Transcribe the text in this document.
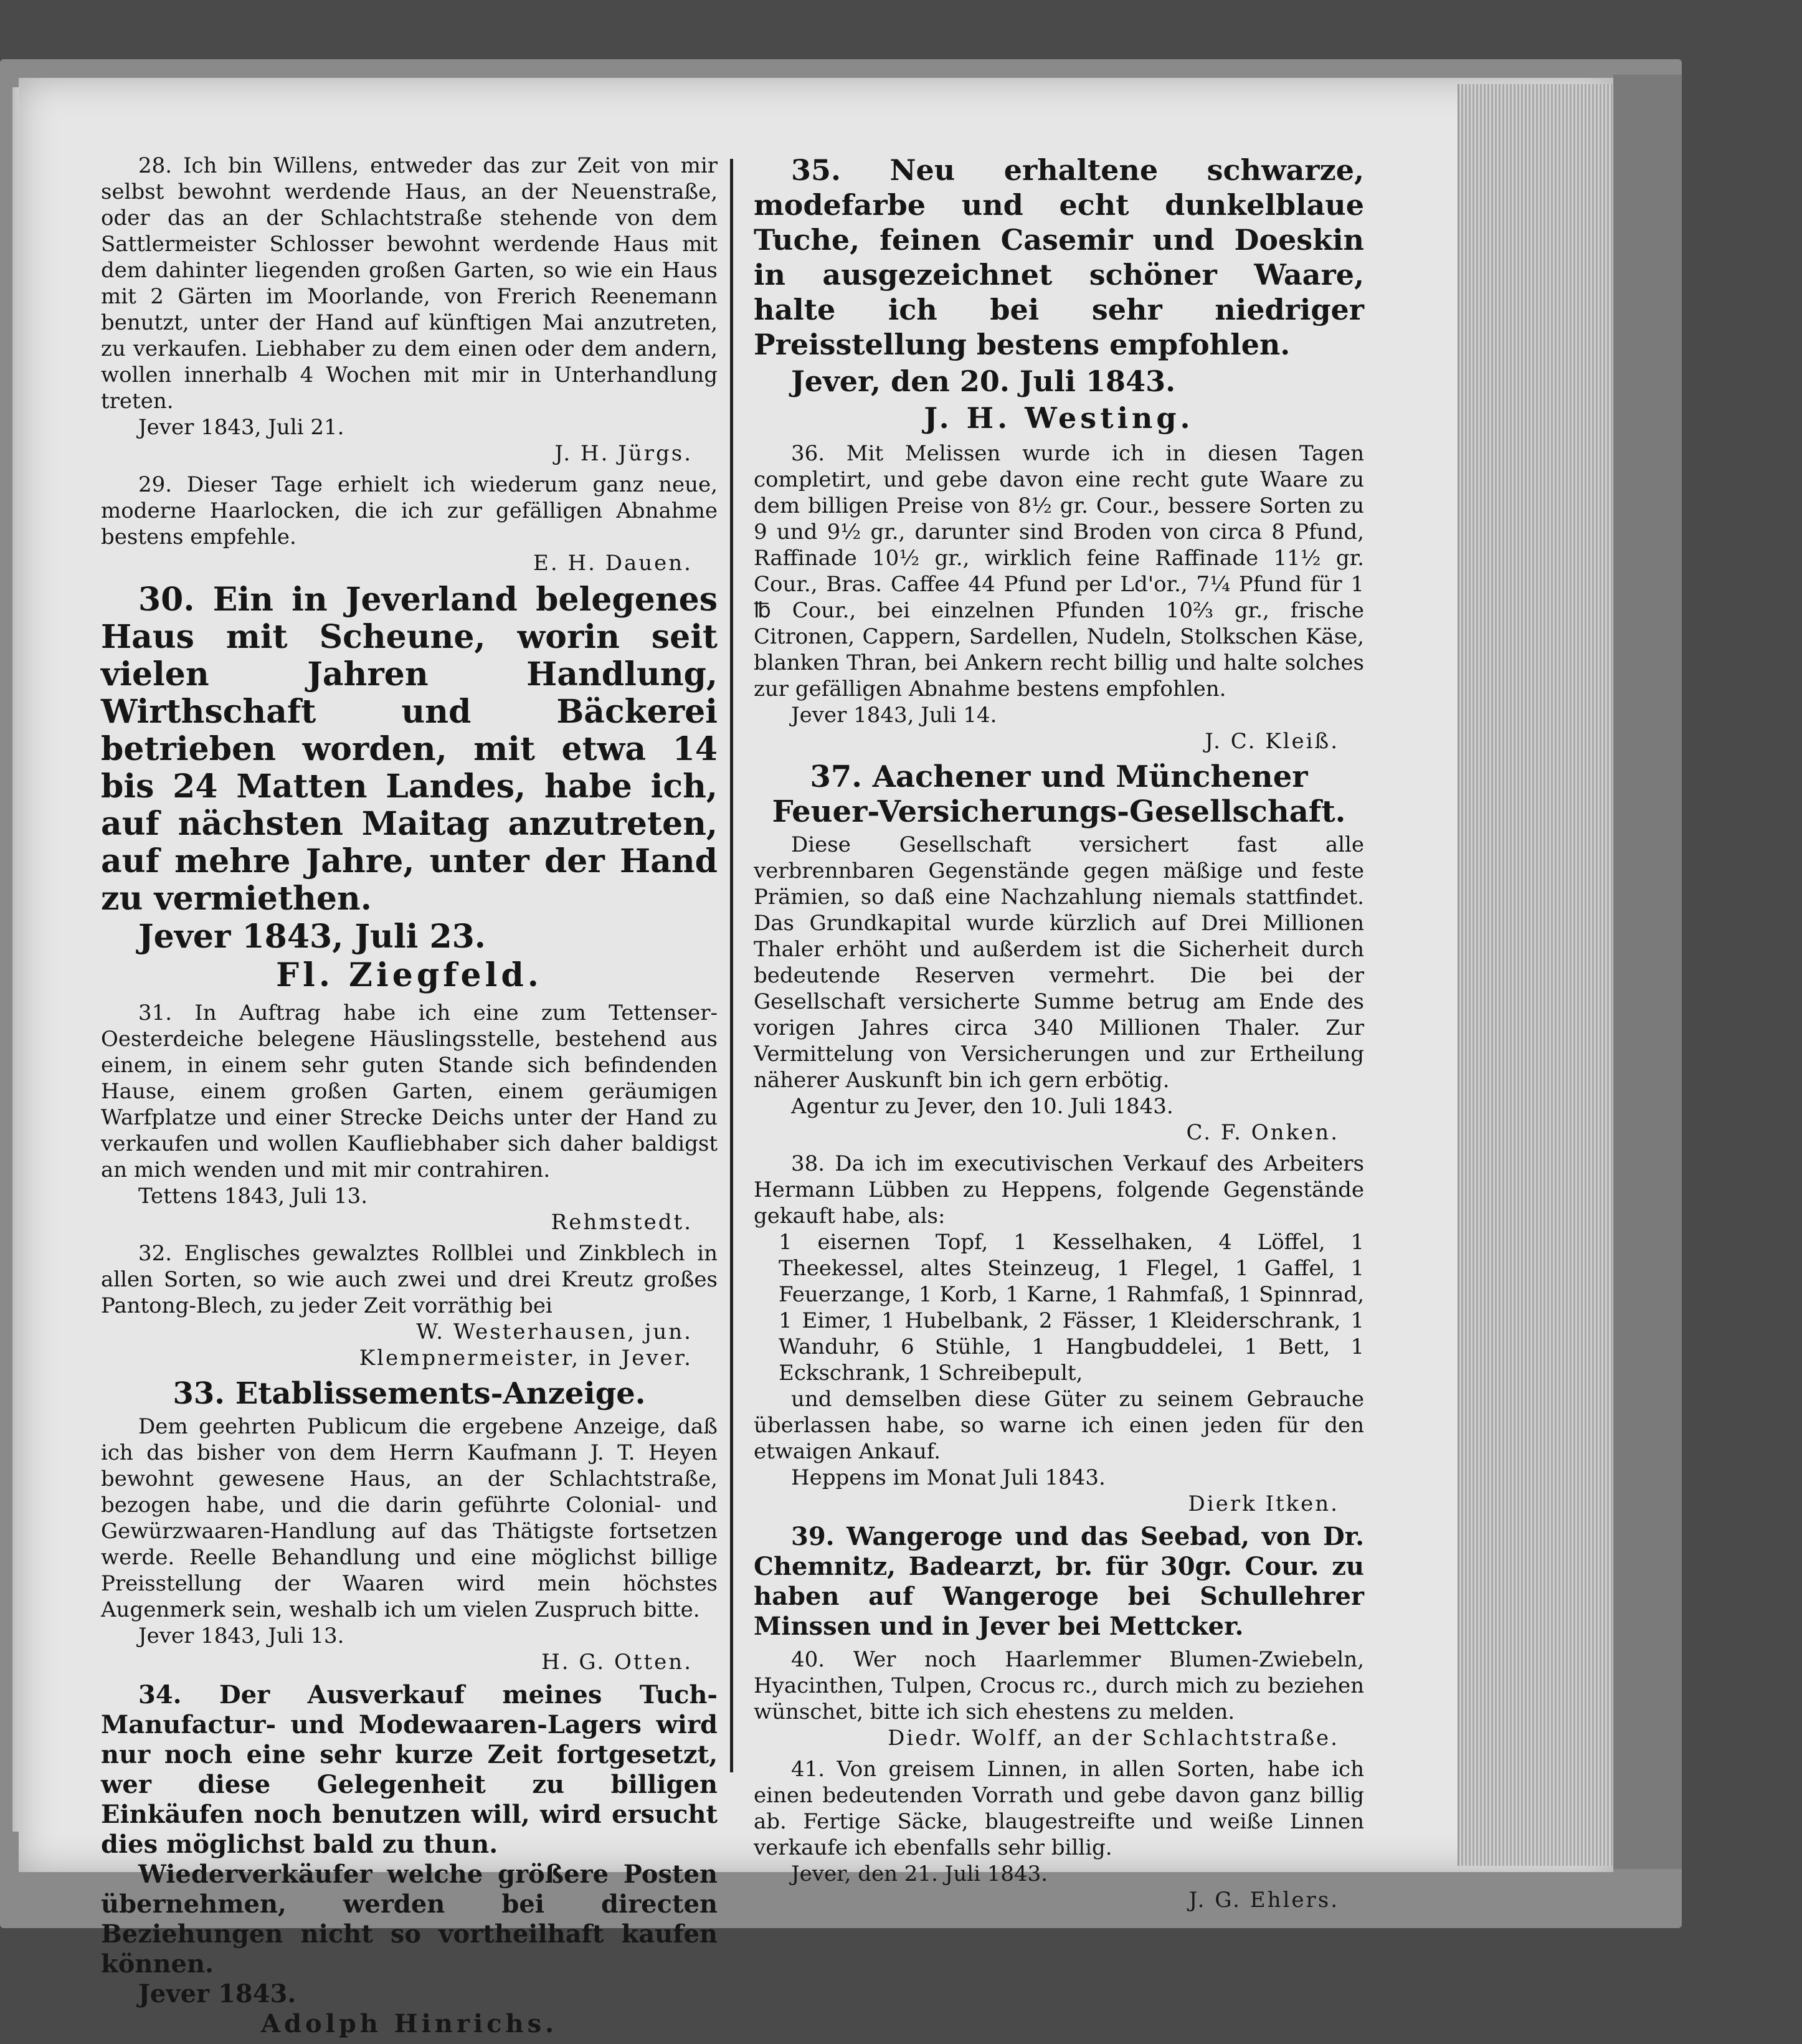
28. Ich bin Willens, entweder das zur Zeit von mir selbst bewohnt werdende Haus, an der Neuenstraße, oder das an der Schlachtstraße stehende von dem Sattlermeister Schlosser bewohnt werdende Haus mit dem dahinter liegenden großen Garten, so wie ein Haus mit 2 Gärten im Moorlande, von Frerich Reenemann benutzt, unter der Hand auf künftigen Mai anzutreten, zu verkaufen. Liebhaber zu dem einen oder dem andern, wollen innerhalb 4 Wochen mit mir in Unterhandlung treten.

Jever 1843, Juli 21.

J. H. Jürgs.

29. Dieser Tage erhielt ich wiederum ganz neue, moderne Haarlocken, die ich zur gefälligen Abnahme bestens empfehle.

E. H. Dauen.

30. Ein in Jeverland belegenes Haus mit Scheune, worin seit vielen Jahren Handlung, Wirthschaft und Bäckerei betrieben worden, mit etwa 14 bis 24 Matten Landes, habe ich, auf nächsten Maitag anzutreten, auf mehre Jahre, unter der Hand zu vermiethen.

Jever 1843, Juli 23.

Fl. Ziegfeld.

31. In Auftrag habe ich eine zum Tettenser-Oesterdeiche belegene Häuslingsstelle, bestehend aus einem, in einem sehr guten Stande sich befindenden Hause, einem großen Garten, einem geräumigen Warfplatze und einer Strecke Deichs unter der Hand zu verkaufen und wollen Kaufliebhaber sich daher baldigst an mich wenden und mit mir contrahiren.

Tettens 1843, Juli 13.

Rehmstedt.

32. Englisches gewalztes Rollblei und Zinkblech in allen Sorten, so wie auch zwei und drei Kreutz großes Pantong-Blech, zu jeder Zeit vorräthig bei

W. Westerhausen, jun.
Klempnermeister, in Jever.
33. Etablissements-Anzeige.

Dem geehrten Publicum die ergebene Anzeige, daß ich das bisher von dem Herrn Kaufmann J. T. Heyen bewohnt gewesene Haus, an der Schlachtstraße, bezogen habe, und die darin geführte Colonial- und Gewürzwaaren-Handlung auf das Thätigste fortsetzen werde. Reelle Behandlung und eine möglichst billige Preisstellung der Waaren wird mein höchstes Augenmerk sein, weshalb ich um vielen Zuspruch bitte.

Jever 1843, Juli 13.

H. G. Otten.

34. Der Ausverkauf meines Tuch-Manufactur- und Modewaaren-Lagers wird nur noch eine sehr kurze Zeit fortgesetzt, wer diese Gelegenheit zu billigen Einkäufen noch benutzen will, wird ersucht dies möglichst bald zu thun.

Wiederverkäufer welche größere Posten übernehmen, werden bei directen Beziehungen nicht so vortheilhaft kaufen können.

Jever 1843.

Adolph Hinrichs.

35. Neu erhaltene schwarze, modefarbe und echt dunkelblaue Tuche, feinen Casemir und Doeskin in ausgezeichnet schöner Waare, halte ich bei sehr niedriger Preisstellung bestens empfohlen.

Jever, den 20. Juli 1843.

J. H. Westing.

36. Mit Melissen wurde ich in diesen Tagen completirt, und gebe davon eine recht gute Waare zu dem billigen Preise von 8½ gr. Cour., bessere Sorten zu 9 und 9½ gr., darunter sind Broden von circa 8 Pfund, Raffinade 10½ gr., wirklich feine Raffinade 11½ gr. Cour., Bras. Caffee 44 Pfund per Ld'or., 7¼ Pfund für 1 ℔ Cour., bei einzelnen Pfunden 10⅔ gr., frische Citronen, Cappern, Sardellen, Nudeln, Stolkschen Käse, blanken Thran, bei Ankern recht billig und halte solches zur gefälligen Abnahme bestens empfohlen.

Jever 1843, Juli 14.

J. C. Kleiß.
37. Aachener und Münchener Feuer-Versicherungs-Gesellschaft.

Diese Gesellschaft versichert fast alle verbrennbaren Gegenstände gegen mäßige und feste Prämien, so daß eine Nachzahlung niemals stattfindet. Das Grundkapital wurde kürzlich auf Drei Millionen Thaler erhöht und außerdem ist die Sicherheit durch bedeutende Reserven vermehrt. Die bei der Gesellschaft versicherte Summe betrug am Ende des vorigen Jahres circa 340 Millionen Thaler. Zur Vermittelung von Versicherungen und zur Ertheilung näherer Auskunft bin ich gern erbötig.

Agentur zu Jever, den 10. Juli 1843.

C. F. Onken.

38. Da ich im executivischen Verkauf des Arbeiters Hermann Lübben zu Heppens, folgende Gegenstände gekauft habe, als:

1 eisernen Topf, 1 Kesselhaken, 4 Löffel, 1 Theekessel, altes Steinzeug, 1 Flegel, 1 Gaffel, 1 Feuerzange, 1 Korb, 1 Karne, 1 Rahmfaß, 1 Spinnrad, 1 Eimer, 1 Hubelbank, 2 Fässer, 1 Kleiderschrank, 1 Wanduhr, 6 Stühle, 1 Hangbuddelei, 1 Bett, 1 Eckschrank, 1 Schreibepult,

und demselben diese Güter zu seinem Gebrauche überlassen habe, so warne ich einen jeden für den etwaigen Ankauf.

Heppens im Monat Juli 1843.

Dierk Itken.

39. Wangeroge und das Seebad, von Dr. Chemnitz, Badearzt, br. für 30gr. Cour. zu haben auf Wangeroge bei Schullehrer Minssen und in Jever bei Mettcker.

40. Wer noch Haarlemmer Blumen-Zwiebeln, Hyacinthen, Tulpen, Crocus rc., durch mich zu beziehen wünschet, bitte ich sich ehestens zu melden.

Diedr. Wolff, an der Schlachtstraße.

41. Von greisem Linnen, in allen Sorten, habe ich einen bedeutenden Vorrath und gebe davon ganz billig ab. Fertige Säcke, blaugestreifte und weiße Linnen verkaufe ich ebenfalls sehr billig.

Jever, den 21. Juli 1843.

J. G. Ehlers.
